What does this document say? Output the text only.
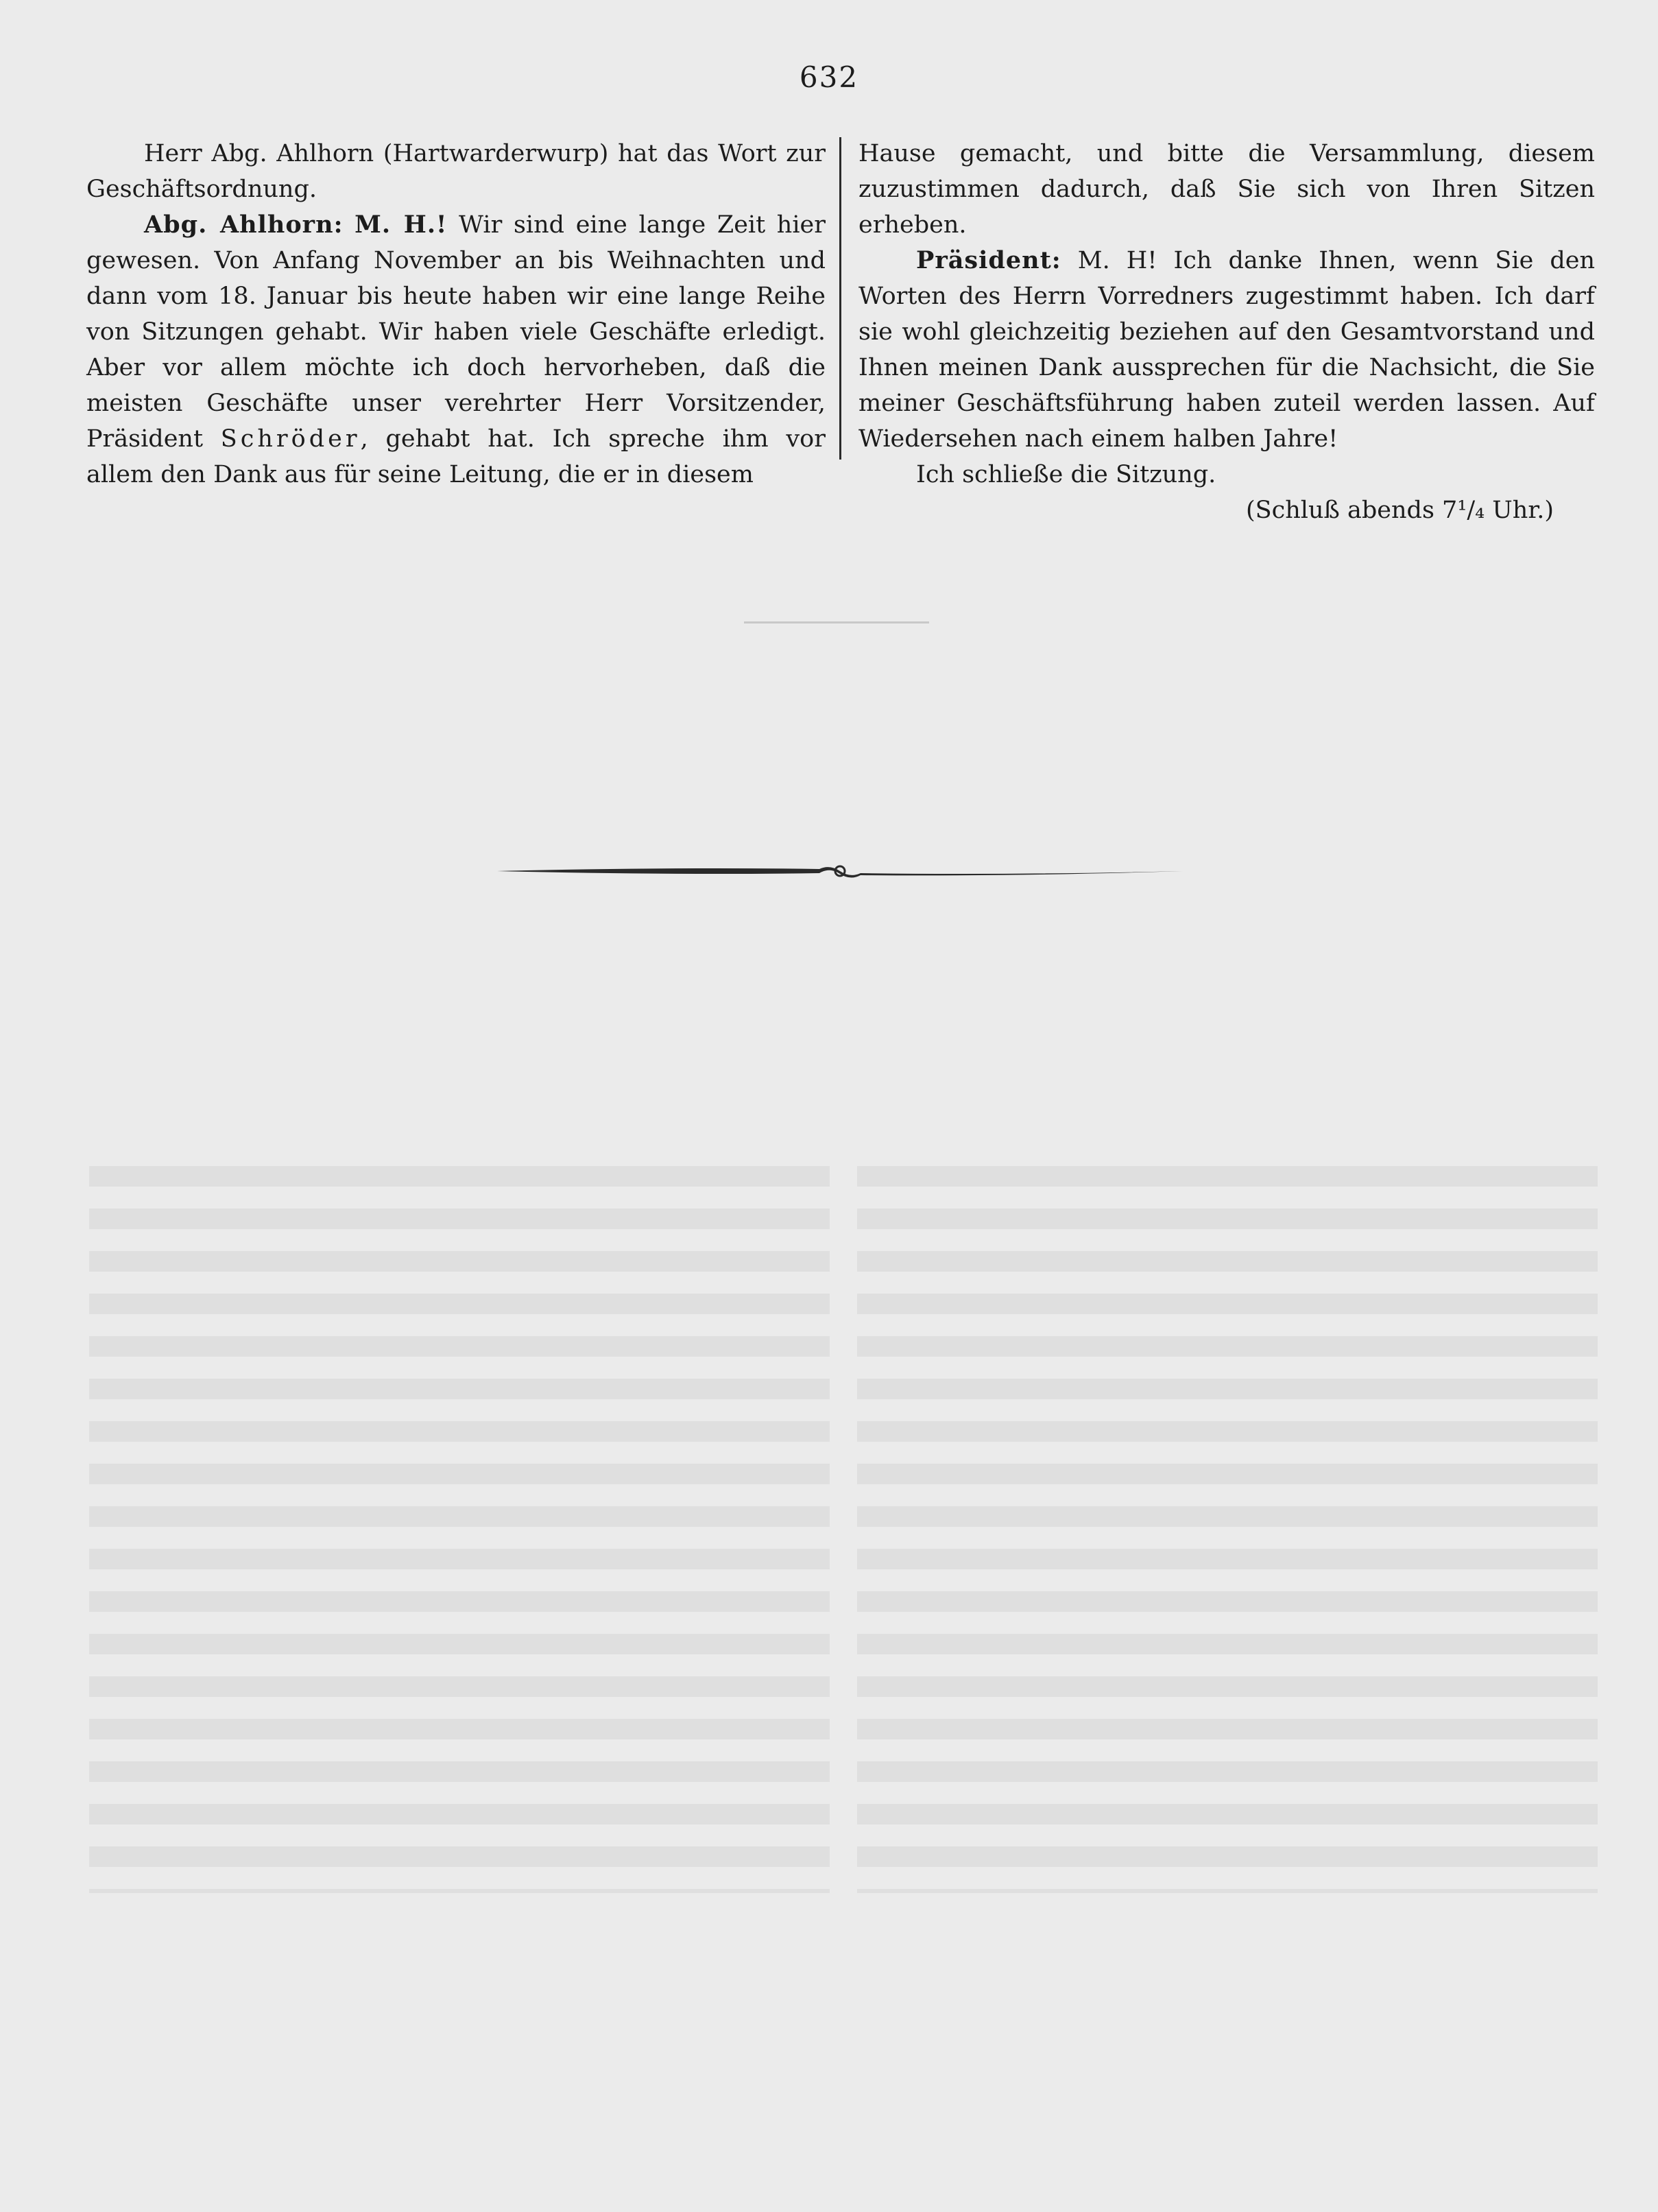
632

Herr Abg. Ahlhorn (Hartwarderwurp) hat das Wort zur Geschäftsordnung.

Abg. Ahlhorn: M. H.! Wir sind eine lange Zeit hier gewesen. Von Anfang November an bis Weihnachten und dann vom 18. Januar bis heute haben wir eine lange Reihe von Sitzungen gehabt. Wir haben viele Geschäfte erledigt. Aber vor allem möchte ich doch hervorheben, daß die meisten Geschäfte unser verehrter Herr Vorsitzender, Präsident Schröder, gehabt hat. Ich spreche ihm vor allem den Dank aus für seine Leitung, die er in diesem

Hause gemacht, und bitte die Versammlung, diesem zuzustimmen dadurch, daß Sie sich von Ihren Sitzen erheben.

Präsident: M. H! Ich danke Ihnen, wenn Sie den Worten des Herrn Vorredners zugestimmt haben. Ich darf sie wohl gleichzeitig beziehen auf den Gesamtvorstand und Ihnen meinen Dank aussprechen für die Nachsicht, die Sie meiner Geschäftsführung haben zuteil werden lassen. Auf Wiedersehen nach einem halben Jahre!

Ich schließe die Sitzung.

(Schluß abends 7¹/₄ Uhr.)
